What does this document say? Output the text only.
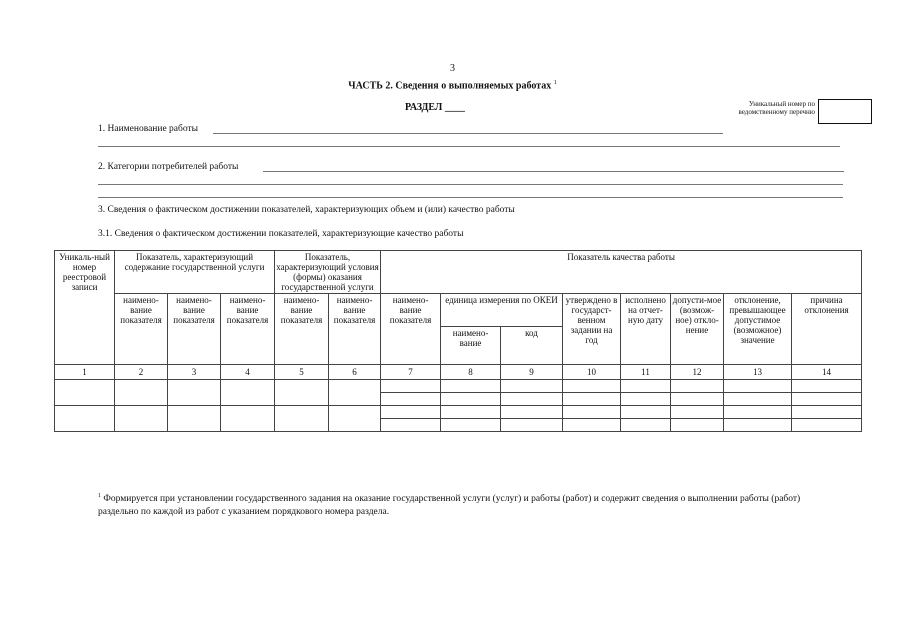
3
ЧАСТЬ 2. Сведения о выполняемых работах $^1$
РАЗДЕЛ ____	Уникальный номер по ведомственному перечню
1. Наименование работы
2. Категории потребителей работы
3. Сведения о фактическом достижении показателей, характеризующих объем и (или) качество работы
3.1. Сведения о фактическом достижении показателей, характеризующие качество работы
Уникаль-ный номер реестровой записи	Показатель, характеризующий содержание государственной услуги			Показатель, характеризующий условия (формы) оказания государственной услуги		Показатель качества работы							
	наимено-вание показателя	наимено-вание показателя	наимено-вание показателя	наимено-вание показателя	наимено-вание показателя	наимено-вание показателя	единица измерения по ОКЕИ		утверждено в государст-венном задании на год	исполнено на отчет-ную дату	допусти-мое (возмож-ное) откло-нение	отклонение, превышающее допустимое (возможное) значение	причина отклонения
							наимено-вание	код					
1	2	3	4	5	6	7	8	9	10	11	12	13	14

$^1$ Формируется при установлении государственного задания на оказание государственной услуги (услуг) и работы (работ) и содержит сведения о выполнении работы (работ) раздельно по каждой из работ с указанием порядкового номера раздела.
